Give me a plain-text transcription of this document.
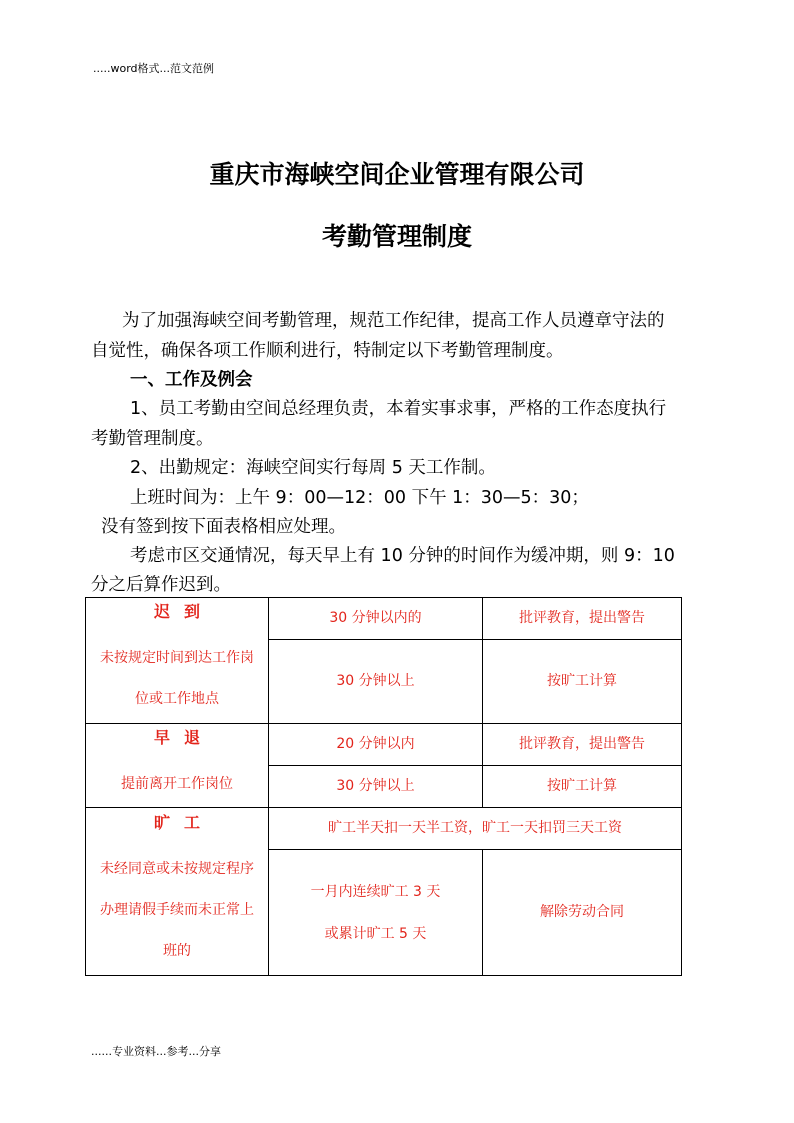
.....word格式...范文范例
重庆市海峡空间企业管理有限公司
考勤管理制度
为了加强海峡空间考勤管理，规范工作纪律，提高工作人员遵章守法的
自觉性，确保各项工作顺利进行，特制定以下考勤管理制度。
一、工作及例会
1、员工考勤由空间总经理负责，本着实事求事，严格的工作态度执行
考勤管理制度。
2、出勤规定：海峡空间实行每周 5 天工作制。
上班时间为：上午 9：00—12：00 下午 1：30—5：30；
没有签到按下面表格相应处理。
考虑市区交通情况，每天早上有 10 分钟的时间作为缓冲期，则 9：10
分之后算作迟到。
迟到
未按规定时间到达工作岗
位或工作地点	30 分钟以内的	批评教育，提出警告
	30 分钟以上	按旷工计算

早退
提前离开工作岗位	20 分钟以内	批评教育，提出警告
	30 分钟以上	按旷工计算

旷工
未经同意或未按规定程序
办理请假手续而未正常上
班的	旷工半天扣一天半工资，旷工一天扣罚三天工资	

	一月内连续旷工 3 天
或累计旷工 5 天	解除劳动合同
......专业资料...参考...分享
